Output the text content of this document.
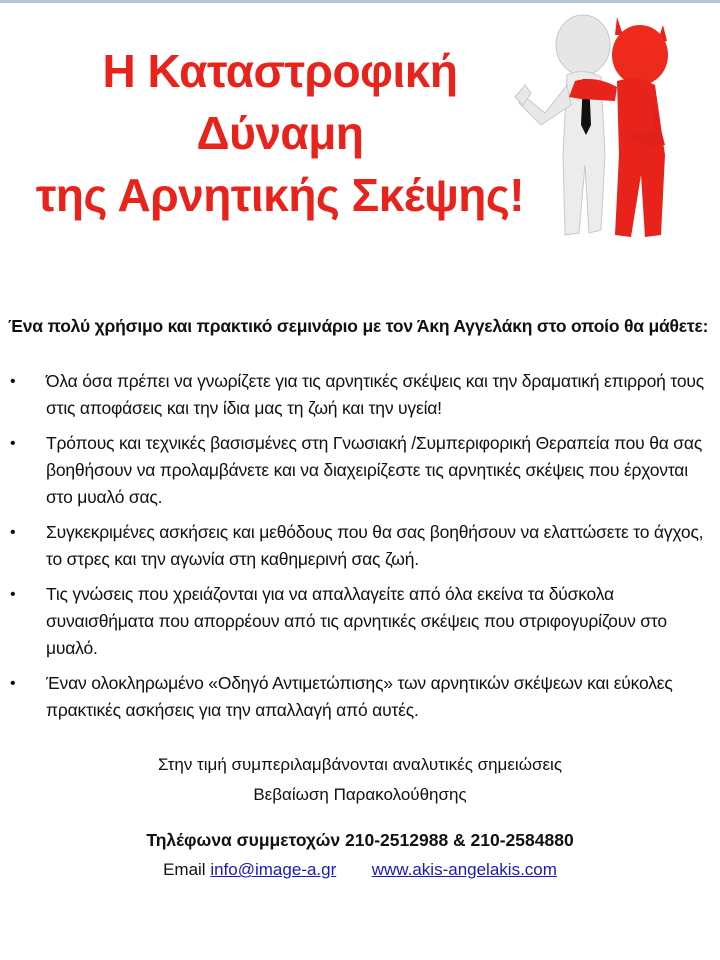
Η Καταστροφική
Δύναμη
της Αρνητικής Σκέψης!
Ένα πολύ χρήσιμο και πρακτικό σεμινάριο με τον Άκη Αγγελάκη στο οποίο θα μάθετε:
• Όλα όσα πρέπει να γνωρίζετε για τις αρνητικές σκέψεις και την δραματική επιρροή τους στις αποφάσεις και την ίδια μας τη ζωή και την υγεία!
• Τρόπους και τεχνικές βασισμένες στη Γνωσιακή /Συμπεριφορική Θεραπεία που θα σας βοηθήσουν να προλαμβάνετε και να διαχειρίζεστε τις αρνητικές σκέψεις που έρχονται στο μυαλό σας.
• Συγκεκριμένες ασκήσεις και μεθόδους που θα σας βοηθήσουν να ελαττώσετε το άγχος, το στρες και την αγωνία στη καθημερινή σας ζωή.
• Τις γνώσεις που χρειάζονται για να απαλλαγείτε από όλα εκείνα τα δύσκολα συναισθήματα που απορρέουν από τις αρνητικές σκέψεις που στριφογυρίζουν στο μυαλό.
• Έναν ολοκληρωμένο «Οδηγό Αντιμετώπισης» των αρνητικών σκέψεων και εύκολες πρακτικές ασκήσεις για την απαλλαγή από αυτές.
Στην τιμή συμπεριλαμβάνονται αναλυτικές σημειώσεις
Βεβαίωση Παρακολούθησης
Τηλέφωνα συμμετοχών 210-2512988 & 210-2584880
Email info@image-a.gr www.akis-angelakis.com
